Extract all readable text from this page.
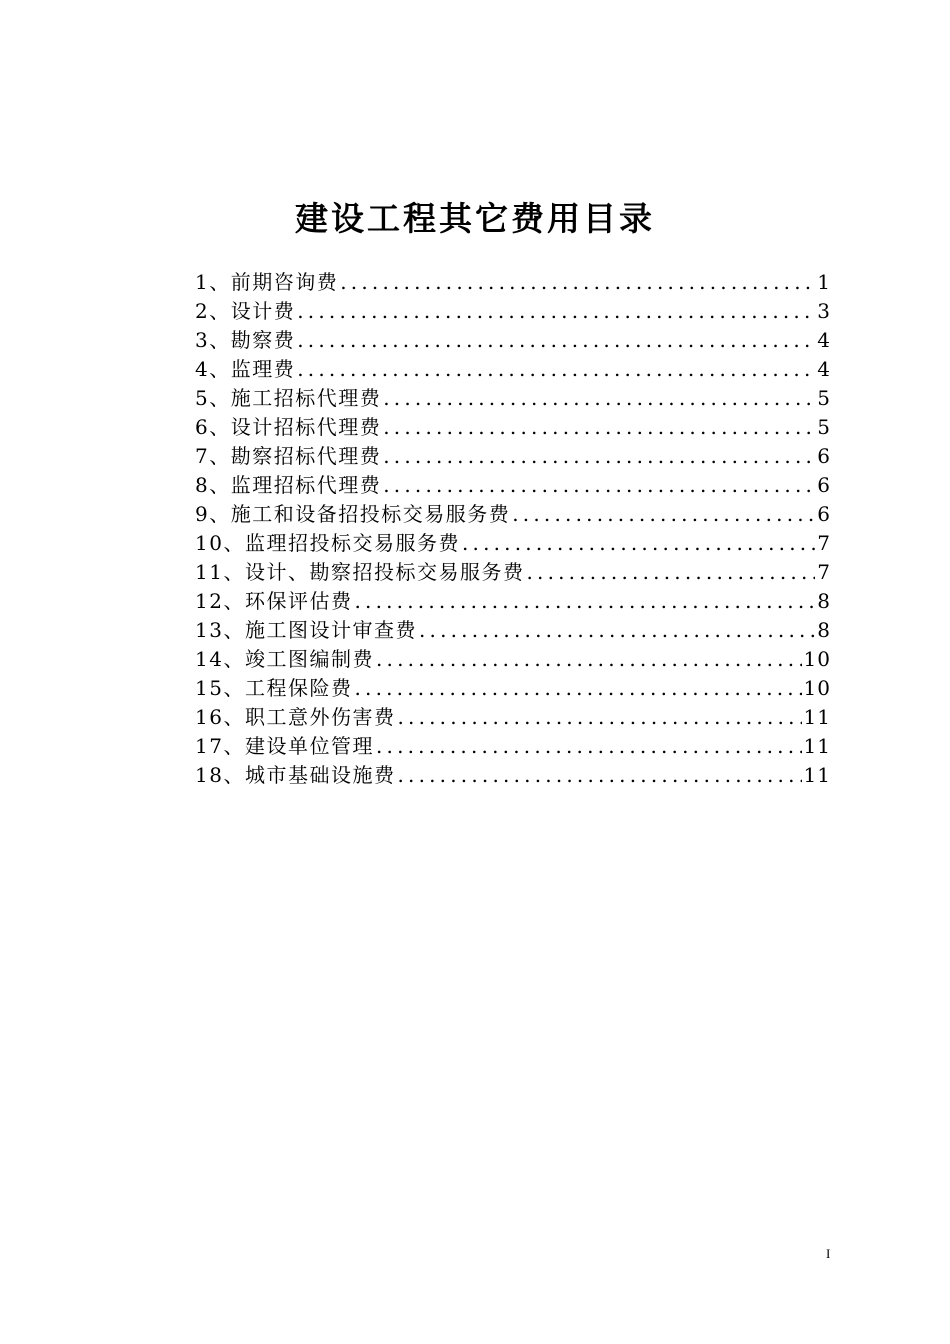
建设工程其它费用目录
1、前期咨询费 .....	1
2、设计费 .....	3
3、勘察费 .....	4
4、监理费 .....	4
5、施工招标代理费 .....	5
6、设计招标代理费 .....	5
7、勘察招标代理费 .....	6
8、监理招标代理费 .....	6
9、施工和设备招投标交易服务费 .....	6
10、监理招投标交易服务费 .....	7
11、设计、勘察招投标交易服务费 .....	7
12、环保评估费 .....	8
13、施工图设计审查费 .....	8
14、竣工图编制费 .....	10
15、工程保险费 .....	10
16、职工意外伤害费 .....	11
17、建设单位管理 .....	11
18、城市基础设施费 .....	11
I
